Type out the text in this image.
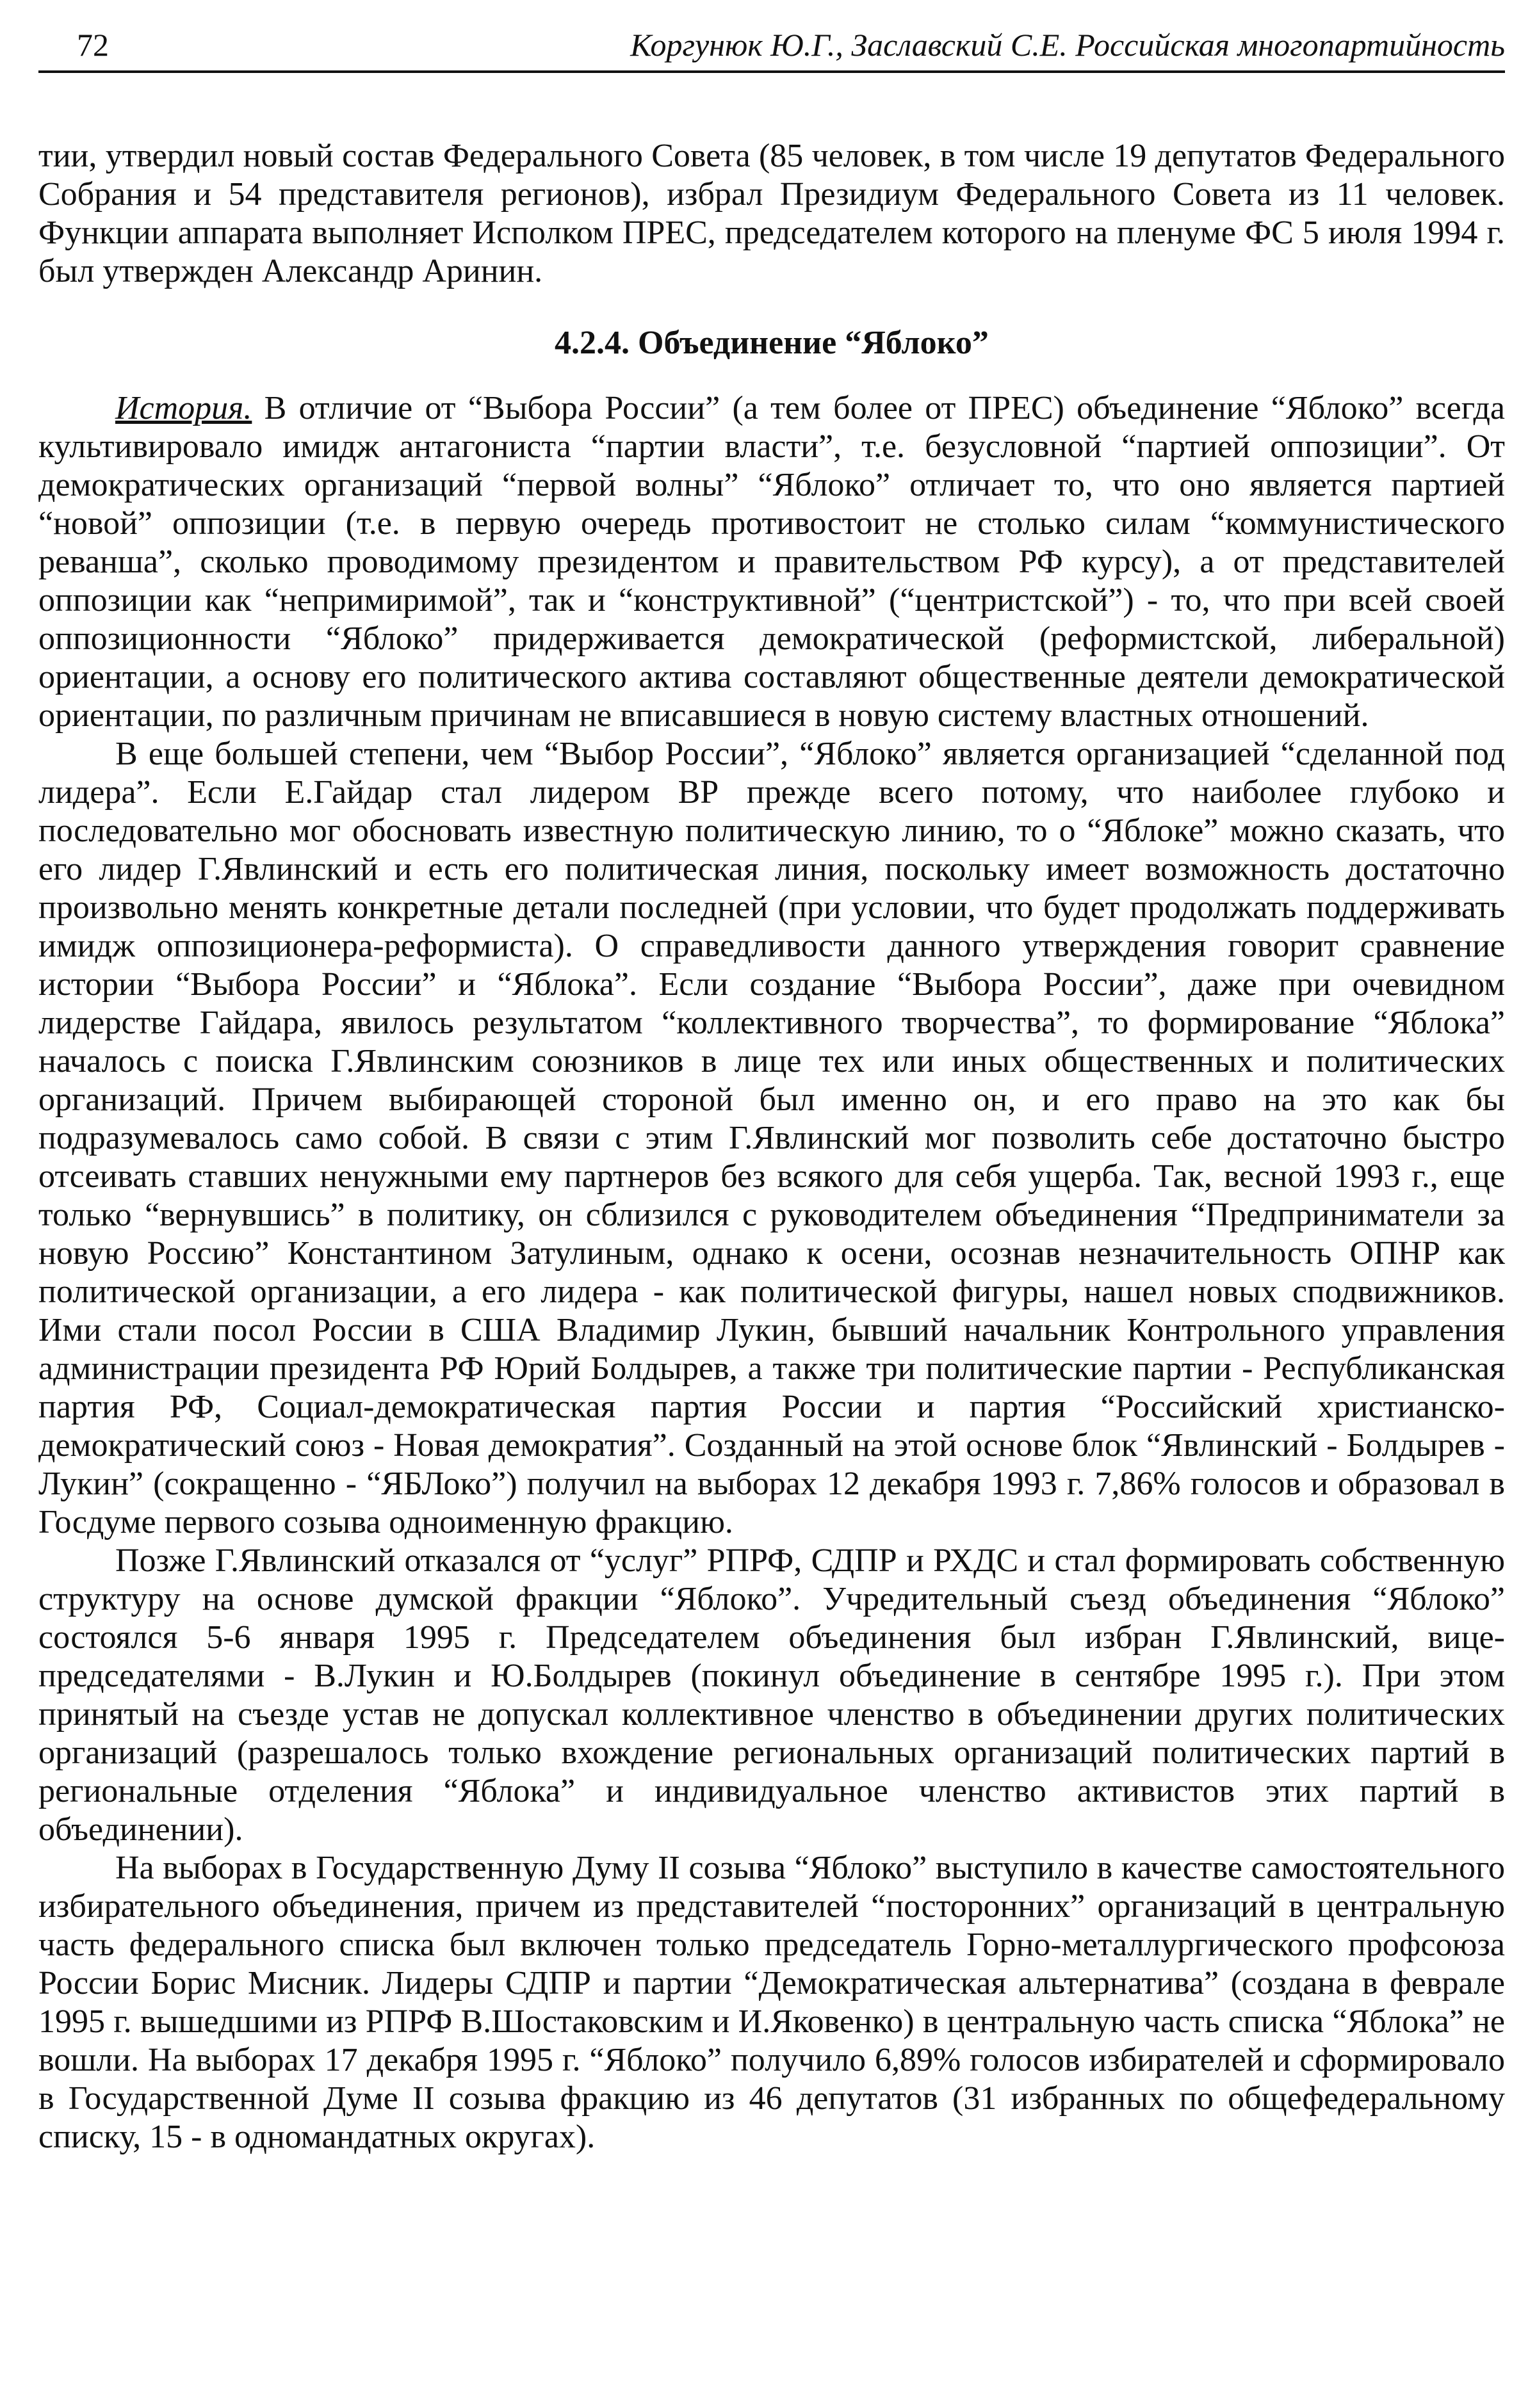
72	Коргунюк Ю.Г., Заславский С.Е. Российская многопартийность

тии, утвердил новый состав Федерального Совета (85 человек, в том числе 19 депутатов Федерального Собрания и 54 представителя регионов), избрал Президиум Федерального Совета из 11 человек. Функции аппарата выполняет Исполком ПРЕС, председателем которого на пленуме ФС 5 июля 1994 г. был утвержден Александр Аринин.

4.2.4. Объединение “Яблоко”

История. В отличие от “Выбора России” (а тем более от ПРЕС) объединение “Яблоко” всегда культивировало имидж антагониста “партии власти”, т.е. безусловной “партией оппозиции”. От демократических организаций “первой волны” “Яблоко” отличает то, что оно является партией “новой” оппозиции (т.е. в первую очередь противостоит не столько силам “коммунистического реванша”, сколько проводимому президентом и правительством РФ курсу), а от представителей оппозиции как “непримиримой”, так и “конструктивной” (“центристской”) - то, что при всей своей оппозиционности “Яблоко” придерживается демократической (реформистской, либеральной) ориентации, а основу его политического актива составляют общественные деятели демократической ориентации, по различным причинам не вписавшиеся в новую систему властных отношений.

В еще большей степени, чем “Выбор России”, “Яблоко” является организацией “сделанной под лидера”. Если Е.Гайдар стал лидером ВР прежде всего потому, что наиболее глубоко и последовательно мог обосновать известную политическую линию, то о “Яблоке” можно сказать, что его лидер Г.Явлинский и есть его политическая линия, поскольку имеет возможность достаточно произвольно менять конкретные детали последней (при условии, что будет продолжать поддерживать имидж оппозиционера-реформиста). О справедливости данного утверждения говорит сравнение истории “Выбора России” и “Яблока”. Если создание “Выбора России”, даже при очевидном лидерстве Гайдара, явилось результатом “коллективного творчества”, то формирование “Яблока” началось с поиска Г.Явлинским союзников в лице тех или иных общественных и политических организаций. Причем выбирающей стороной был именно он, и его право на это как бы подразумевалось само собой. В связи с этим Г.Явлинский мог позволить себе достаточно быстро отсеивать ставших ненужными ему партнеров без всякого для себя ущерба. Так, весной 1993 г., еще только “вернувшись” в политику, он сблизился с руководителем объединения “Предприниматели за новую Россию” Константином Затулиным, однако к осени, осознав незначительность ОПНР как политической организации, а его лидера - как политической фигуры, нашел новых сподвижников. Ими стали посол России в США Владимир Лукин, бывший начальник Контрольного управления администрации президента РФ Юрий Болдырев, а также три политические партии - Республиканская партия РФ, Социал-демократическая партия России и партия “Российский христианско-демократический союз - Новая демократия”. Созданный на этой основе блок “Явлинский - Болдырев - Лукин” (сокращенно - “ЯБЛоко”) получил на выборах 12 декабря 1993 г. 7,86% голосов и образовал в Госдуме первого созыва одноименную фракцию.

Позже Г.Явлинский отказался от “услуг” РПРФ, СДПР и РХДС и стал формировать собственную структуру на основе думской фракции “Яблоко”. Учредительный съезд объединения “Яблоко” состоялся 5-6 января 1995 г. Председателем объединения был избран Г.Явлинский, вице-председателями - В.Лукин и Ю.Болдырев (покинул объединение в сентябре 1995 г.). При этом принятый на съезде устав не допускал коллективное членство в объединении других политических организаций (разрешалось только вхождение региональных организаций политических партий в региональные отделения “Яблока” и индивидуальное членство активистов этих партий в объединении).

На выборах в Государственную Думу II созыва “Яблоко” выступило в качестве самостоятельного избирательного объединения, причем из представителей “посторонних” организаций в центральную часть федерального списка был включен только председатель Горно-металлургического профсоюза России Борис Мисник. Лидеры СДПР и партии “Демократическая альтернатива” (создана в феврале 1995 г. вышедшими из РПРФ В.Шостаковским и И.Яковенко) в центральную часть списка “Яблока” не вошли. На выборах 17 декабря 1995 г. “Яблоко” получило 6,89% голосов избирателей и сформировало в Государственной Думе II созыва фракцию из 46 депутатов (31 избранных по общефедеральному списку, 15 - в одномандатных округах).
